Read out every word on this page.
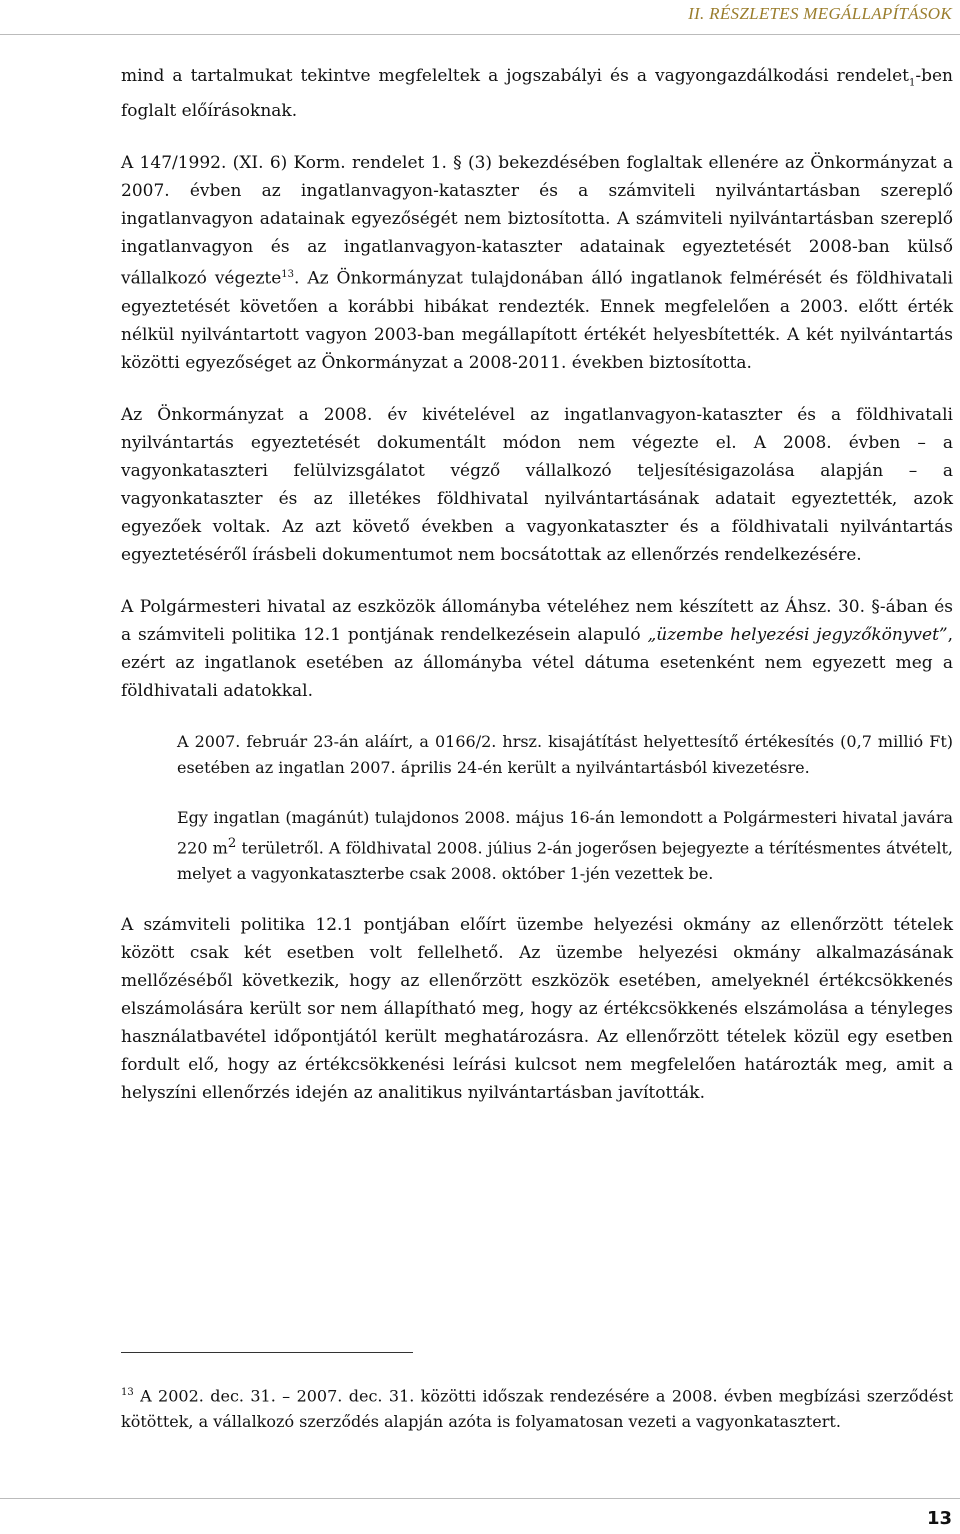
II. RÉSZLETES MEGÁLLAPÍTÁSOK

mind a tartalmukat tekintve megfeleltek a jogszabályi és a vagyongazdálkodási rendelet$_1$-ben foglalt előírásoknak.

A 147/1992. (XI. 6) Korm. rendelet 1. § (3) bekezdésében foglaltak ellenére az Önkormányzat a 2007. évben az ingatlanvagyon-kataszter és a számviteli nyilvántartásban szereplő ingatlanvagyon adatainak egyezőségét nem biztosította. A számviteli nyilvántartásban szereplő ingatlanvagyon és az ingatlanvagyon-kataszter adatainak egyeztetését 2008-ban külső vállalkozó végezte$^{13}$. Az Önkormányzat tulajdonában álló ingatlanok felmérését és földhivatali egyeztetését követően a korábbi hibákat rendezték. Ennek megfelelően a 2003. előtt érték nélkül nyilvántartott vagyon 2003-ban megállapított értékét helyesbítették. A két nyilvántartás közötti egyezőséget az Önkormányzat a 2008-2011. években biztosította.

Az Önkormányzat a 2008. év kivételével az ingatlanvagyon-kataszter és a földhivatali nyilvántartás egyeztetését dokumentált módon nem végezte el. A 2008. évben – a vagyonkataszteri felülvizsgálatot végző vállalkozó teljesítésigazolása alapján – a vagyonkataszter és az illetékes földhivatal nyilvántartásának adatait egyeztették, azok egyezőek voltak. Az azt követő években a vagyonkataszter és a földhivatali nyilvántartás egyeztetéséről írásbeli dokumentumot nem bocsátottak az ellenőrzés rendelkezésére.

A Polgármesteri hivatal az eszközök állományba vételéhez nem készített az Áhsz. 30. §-ában és a számviteli politika 12.1 pontjának rendelkezésein alapuló „üzembe helyezési jegyzőkönyvet”, ezért az ingatlanok esetében az állományba vétel dátuma esetenként nem egyezett meg a földhivatali adatokkal.

A 2007. február 23-án aláírt, a 0166/2. hrsz. kisajátítást helyettesítő értékesítés (0,7 millió Ft) esetében az ingatlan 2007. április 24-én került a nyilvántartásból kivezetésre.

Egy ingatlan (magánút) tulajdonos 2008. május 16-án lemondott a Polgármesteri hivatal javára 220 $m^2$ területről. A földhivatal 2008. július 2-án jogerősen bejegyezte a térítésmentes átvételt, melyet a vagyonkataszterbe csak 2008. október 1-jén vezettek be.

A számviteli politika 12.1 pontjában előírt üzembe helyezési okmány az ellenőrzött tételek között csak két esetben volt fellelhető. Az üzembe helyezési okmány alkalmazásának mellőzéséből következik, hogy az ellenőrzött eszközök esetében, amelyeknél értékcsökkenés elszámolására került sor nem állapítható meg, hogy az értékcsökkenés elszámolása a tényleges használatbavétel időpontjától került meghatározásra. Az ellenőrzött tételek közül egy esetben fordult elő, hogy az értékcsökkenési leírási kulcsot nem megfelelően határozták meg, amit a helyszíni ellenőrzés idején az analitikus nyilvántartásban javították.

$^{13}$ A 2002. dec. 31. – 2007. dec. 31. közötti időszak rendezésére a 2008. évben megbízási szerződést kötöttek, a vállalkozó szerződés alapján azóta is folyamatosan vezeti a vagyonkatasztert.
13
